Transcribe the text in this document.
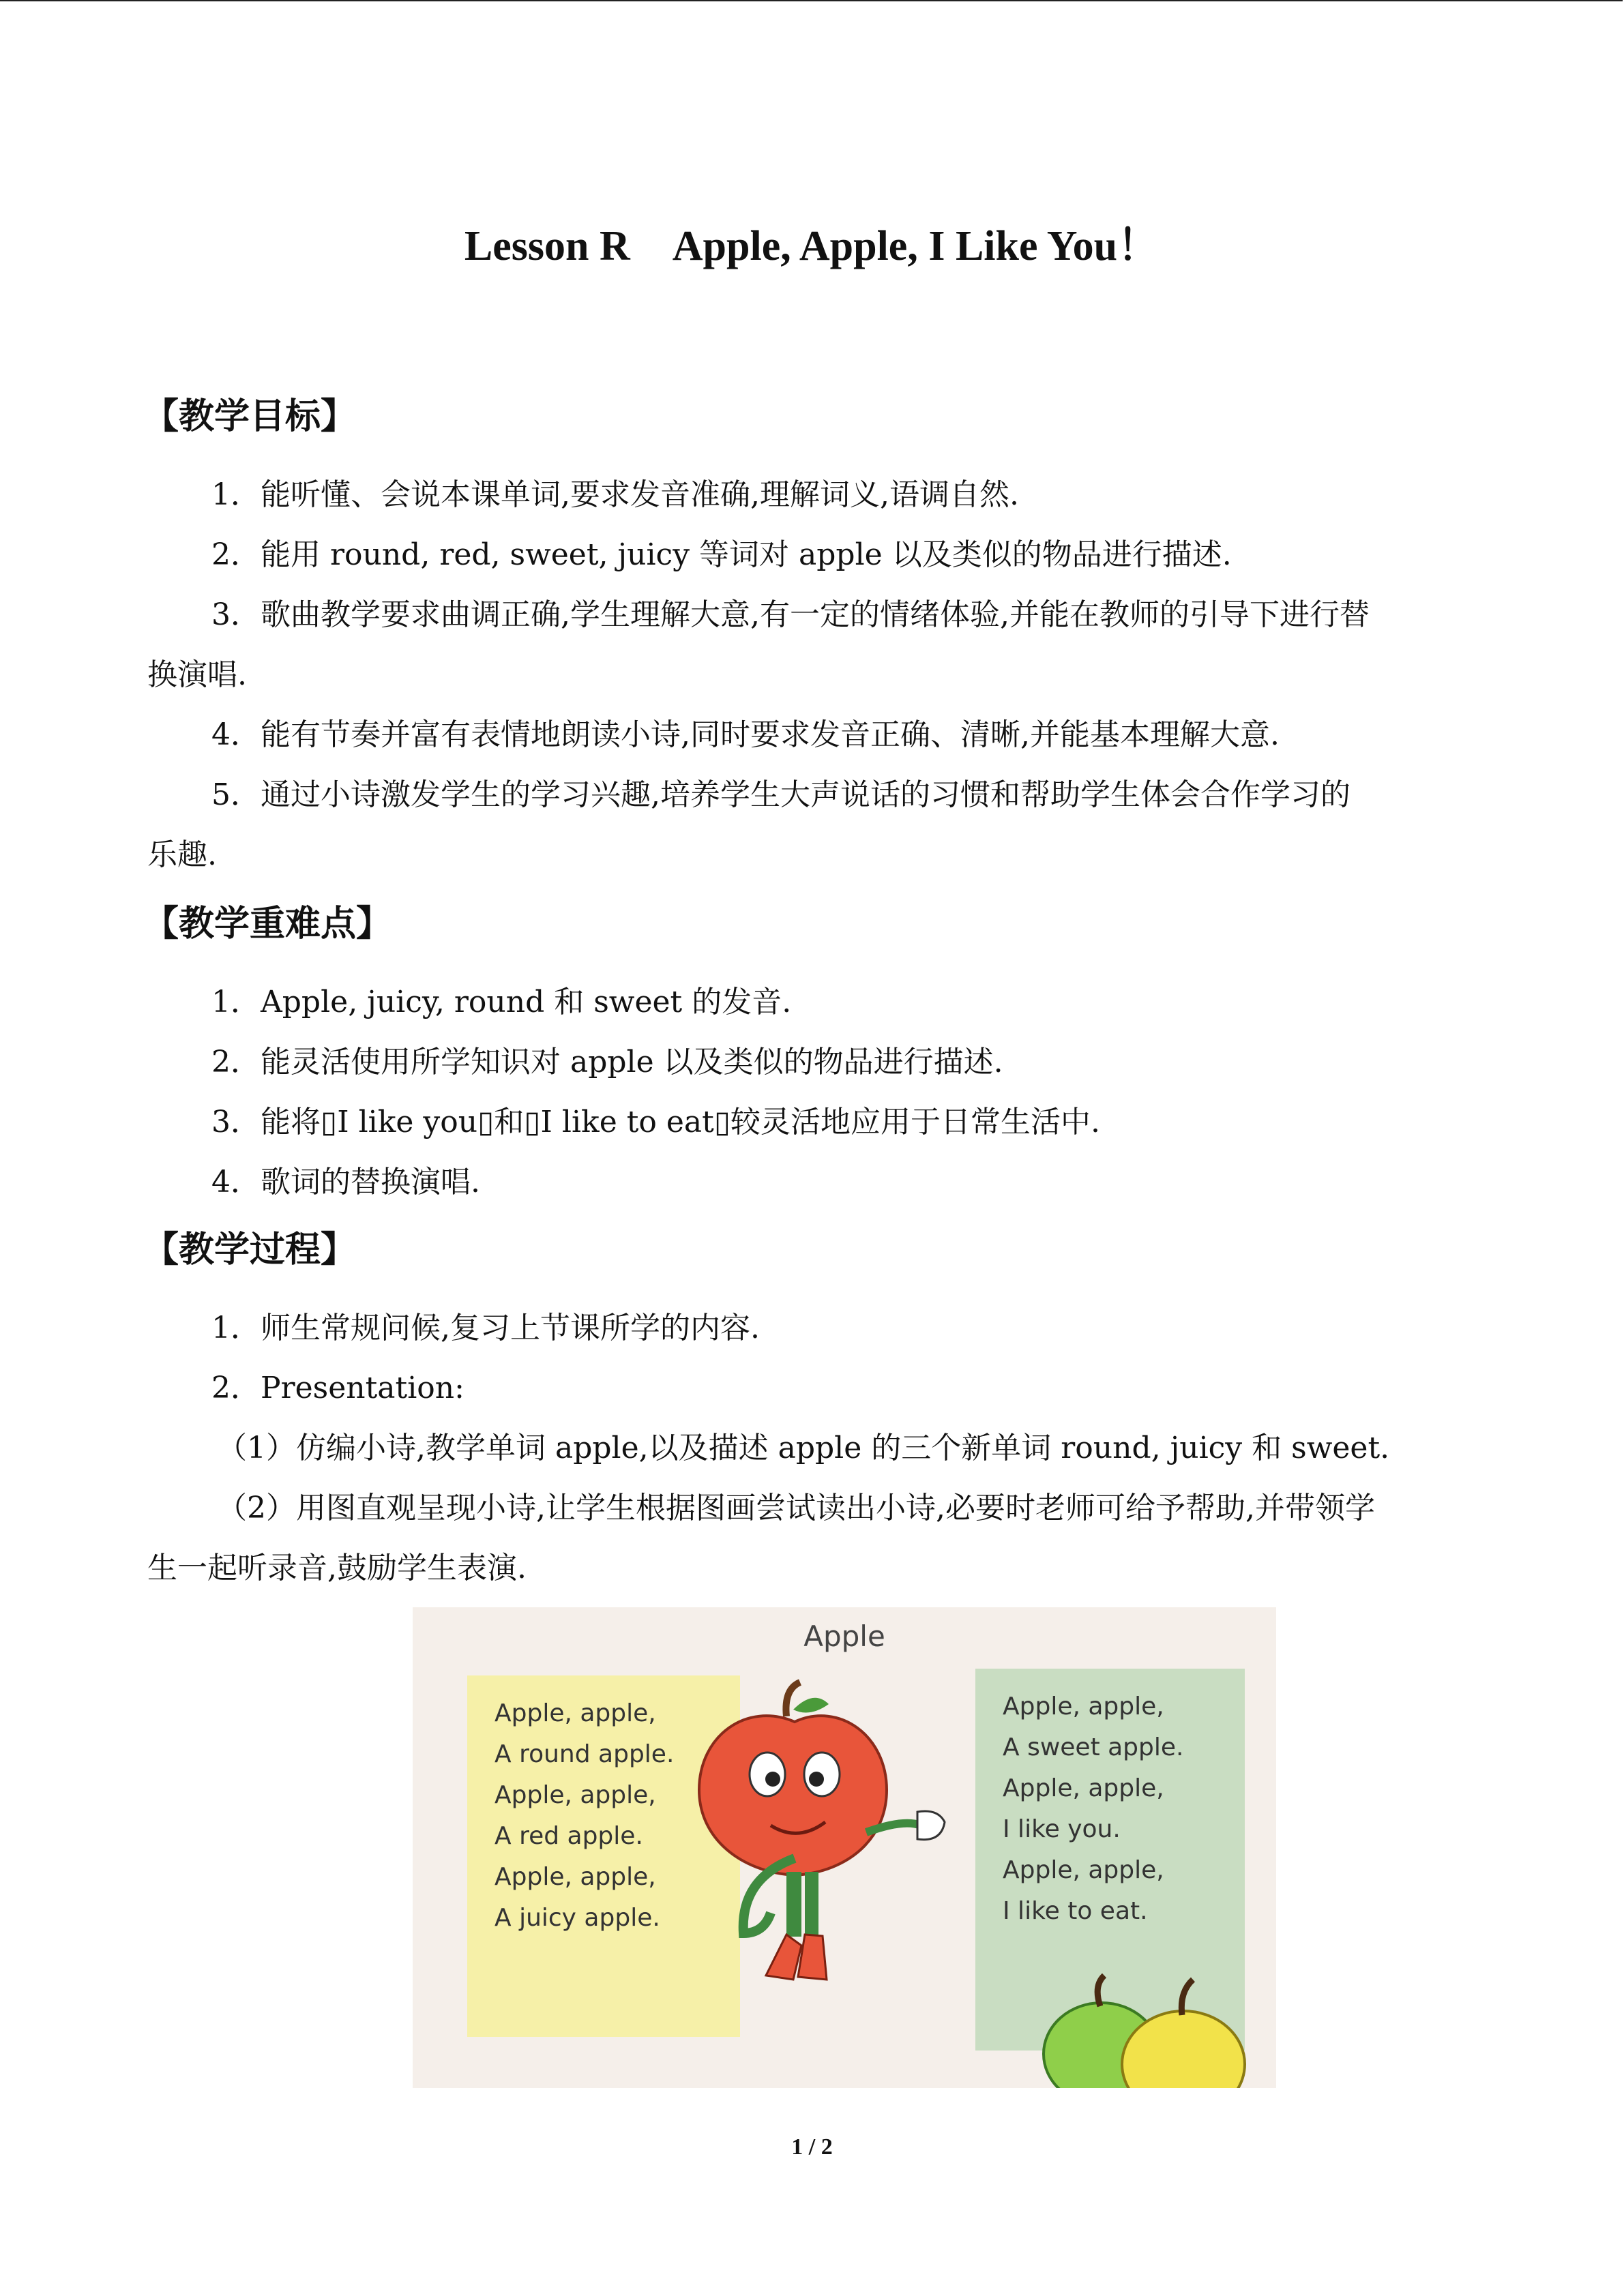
Lesson R　Apple, Apple, I Like You！
【教学目标】

1．能听懂、会说本课单词,要求发音准确,理解词义,语调自然.

2．能用 round, red, sweet, juicy 等词对 apple 以及类似的物品进行描述.

3．歌曲教学要求曲调正确,学生理解大意,有一定的情绪体验,并能在教师的引导下进行替

换演唱.

4．能有节奏并富有表情地朗读小诗,同时要求发音正确、清晰,并能基本理解大意.

5．通过小诗激发学生的学习兴趣,培养学生大声说话的习惯和帮助学生体会合作学习的

乐趣.

【教学重难点】

1．Apple, juicy, round 和 sweet 的发音.

2．能灵活使用所学知识对 apple 以及类似的物品进行描述.

3．能将▯I like you▯和▯I like to eat▯较灵活地应用于日常生活中.

4．歌词的替换演唱.

【教学过程】

1．师生常规问候,复习上节课所学的内容.

2．Presentation:

（1）仿编小诗,教学单词 apple,以及描述 apple 的三个新单词 round, juicy 和 sweet.

（2）用图直观呈现小诗,让学生根据图画尝试读出小诗,必要时老师可给予帮助,并带领学

生一起听录音,鼓励学生表演.

Apple
Apple, apple,
A round apple.
Apple, apple,
A red apple.
Apple, apple,
A juicy apple.
Apple, apple,
A sweet apple.
Apple, apple,
I like you.
Apple, apple,
I like to eat.
1 / 2
